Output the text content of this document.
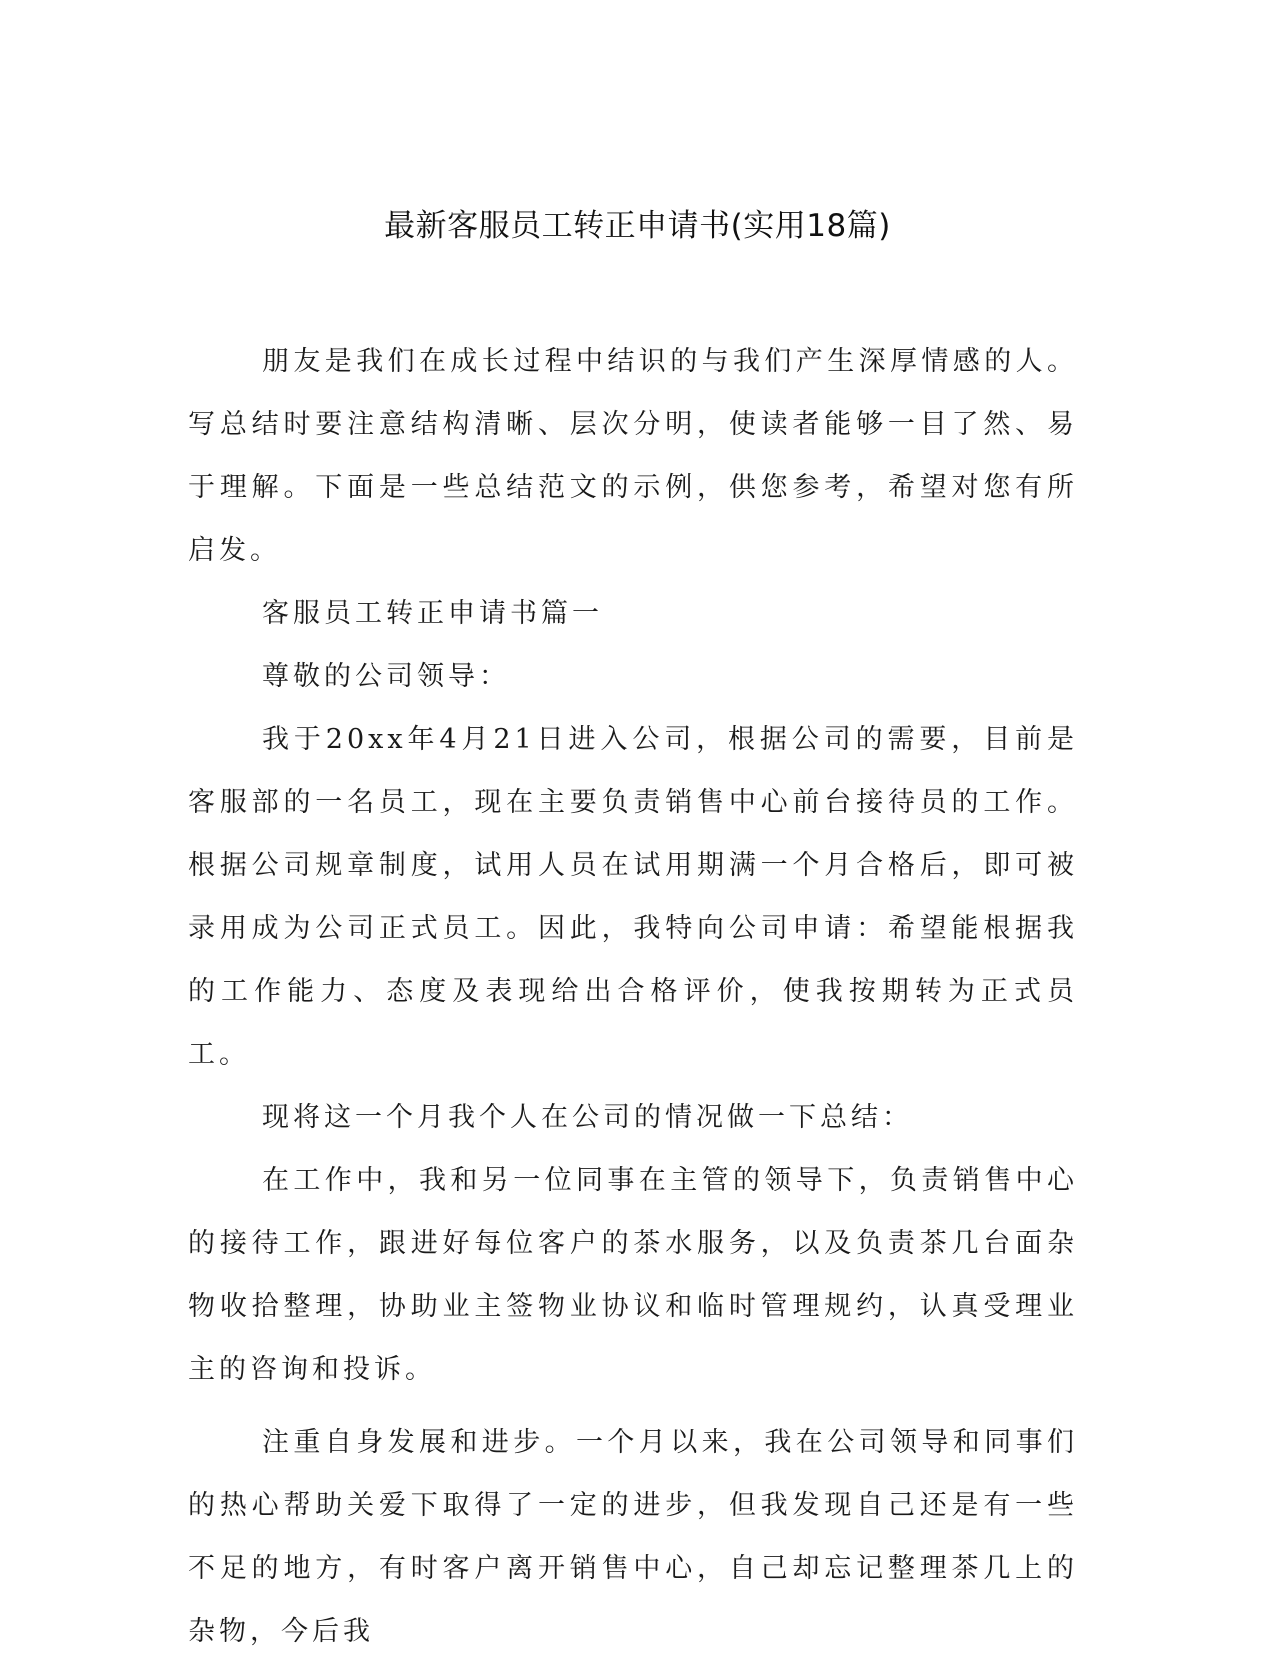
最新客服员工转正申请书(实用18篇)

朋友是我们在成长过程中结识的与我们产生深厚情感的人。写总结时要注意结构清晰、层次分明，使读者能够一目了然、易于理解。下面是一些总结范文的示例，供您参考，希望对您有所启发。

客服员工转正申请书篇一

尊敬的公司领导：

我于20xx年4月21日进入公司，根据公司的需要，目前是客服部的一名员工，现在主要负责销售中心前台接待员的工作。根据公司规章制度，试用人员在试用期满一个月合格后，即可被录用成为公司正式员工。因此，我特向公司申请：希望能根据我的工作能力、态度及表现给出合格评价，使我按期转为正式员工。

现将这一个月我个人在公司的情况做一下总结：

在工作中，我和另一位同事在主管的领导下，负责销售中心的接待工作，跟进好每位客户的茶水服务，以及负责茶几台面杂物收拾整理，协助业主签物业协议和临时管理规约，认真受理业主的咨询和投诉。

注重自身发展和进步。一个月以来，我在公司领导和同事们的热心帮助关爱下取得了一定的进步，但我发现自己还是有一些不足的地方，有时客户离开销售中心，自己却忘记整理茶几上的杂物，今后我
